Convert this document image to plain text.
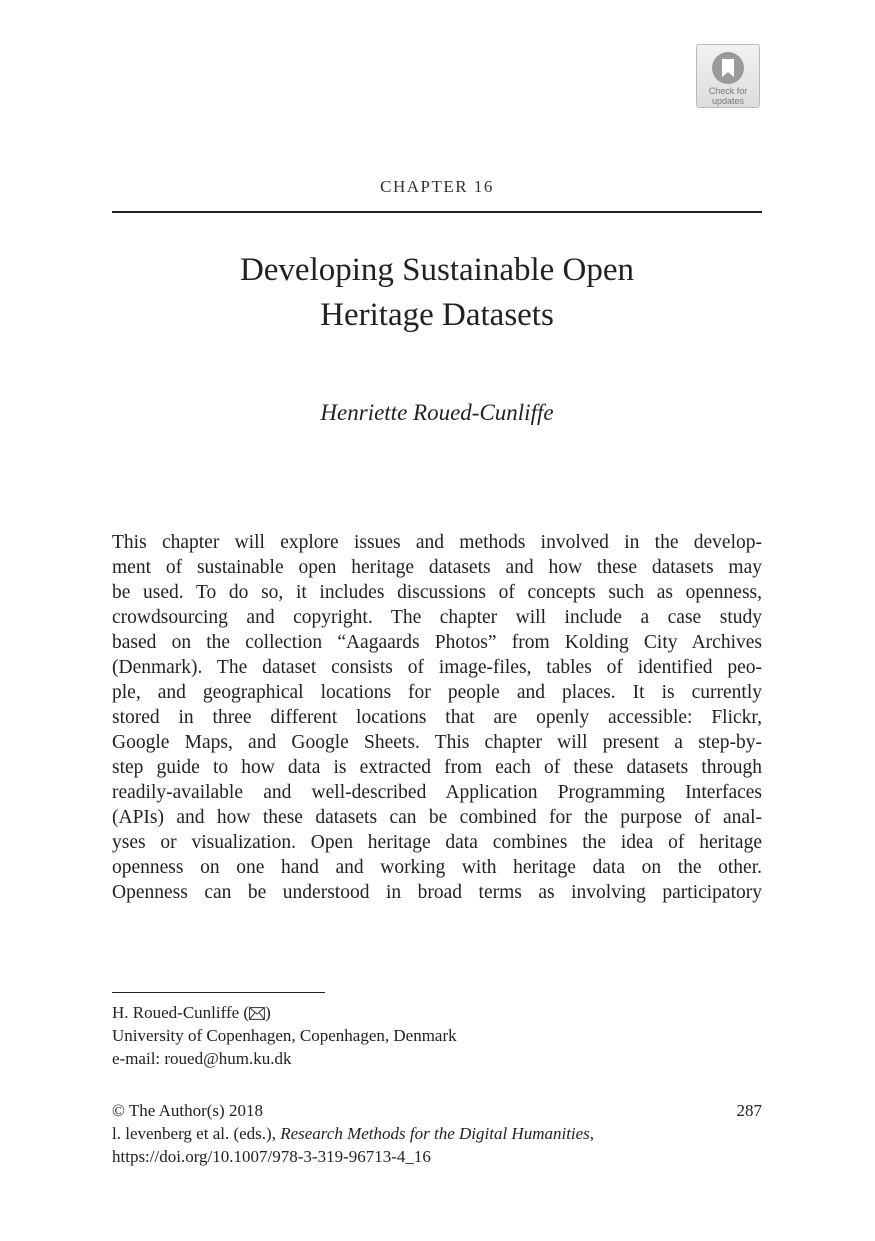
Check for
updates
CHAPTER 16
Developing Sustainable Open
Heritage Datasets
Henriette Roued-Cunliffe
This chapter will explore issues and methods involved in the develop-
ment of sustainable open heritage datasets and how these datasets may
be used. To do so, it includes discussions of concepts such as openness,
crowdsourcing and copyright. The chapter will include a case study
based on the collection “Aagaards Photos” from Kolding City Archives
(Denmark). The dataset consists of image-files, tables of identified peo-
ple, and geographical locations for people and places. It is currently
stored in three different locations that are openly accessible: Flickr,
Google Maps, and Google Sheets. This chapter will present a step-by-
step guide to how data is extracted from each of these datasets through
readily-available and well-described Application Programming Interfaces
(APIs) and how these datasets can be combined for the purpose of anal-
yses or visualization. Open heritage data combines the idea of heritage
openness on one hand and working with heritage data on the other.
Openness can be understood in broad terms as involving participatory
H. Roued-Cunliffe ( )
University of Copenhagen, Copenhagen, Denmark
e-mail: roued@hum.ku.dk
© The Author(s) 2018
l. levenberg et al. (eds.), Research Methods for the Digital Humanities,
https://doi.org/10.1007/978-3-319-96713-4_16
287
